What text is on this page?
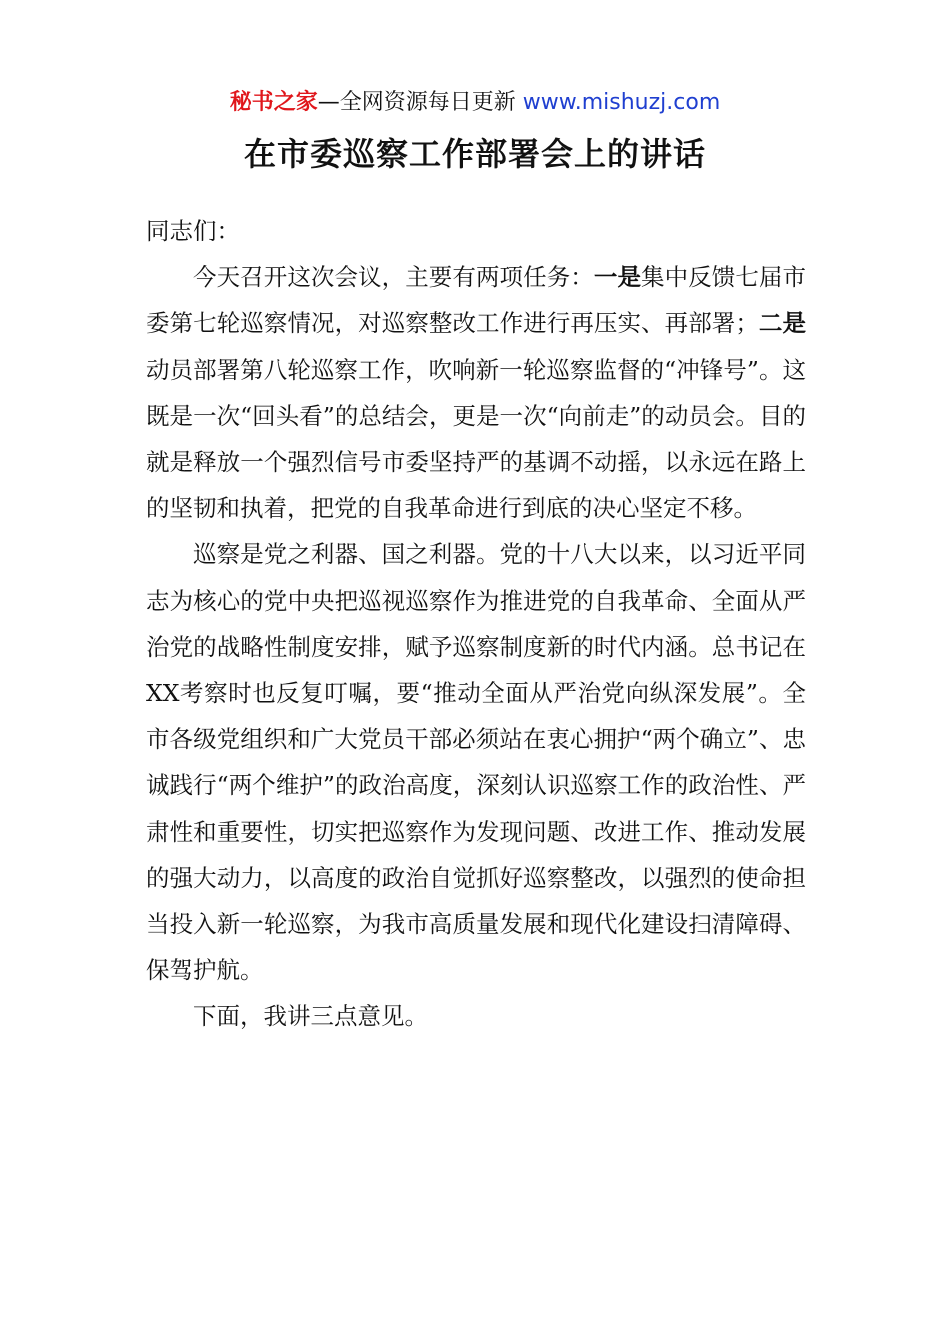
秘书之家—全网资源每日更新 www.mishuzj.com
在市委巡察工作部署会上的讲话

同志们：

今天召开这次会议，主要有两项任务：一是集中反馈七届市委第七轮巡察情况，对巡察整改工作进行再压实、再部署；二是动员部署第八轮巡察工作，吹响新一轮巡察监督的“冲锋号”。这既是一次“回头看”的总结会，更是一次“向前走”的动员会。目的就是释放一个强烈信号市委坚持严的基调不动摇，以永远在路上的坚韧和执着，把党的自我革命进行到底的决心坚定不移。

巡察是党之利器、国之利器。党的十八大以来，以习近平同志为核心的党中央把巡视巡察作为推进党的自我革命、全面从严治党的战略性制度安排，赋予巡察制度新的时代内涵。总书记在XX考察时也反复叮嘱，要“推动全面从严治党向纵深发展”。全市各级党组织和广大党员干部必须站在衷心拥护“两个确立”、忠诚践行“两个维护”的政治高度，深刻认识巡察工作的政治性、严肃性和重要性，切实把巡察作为发现问题、改进工作、推动发展的强大动力，以高度的政治自觉抓好巡察整改，以强烈的使命担当投入新一轮巡察，为我市高质量发展和现代化建设扫清障碍、保驾护航。

下面，我讲三点意见。
